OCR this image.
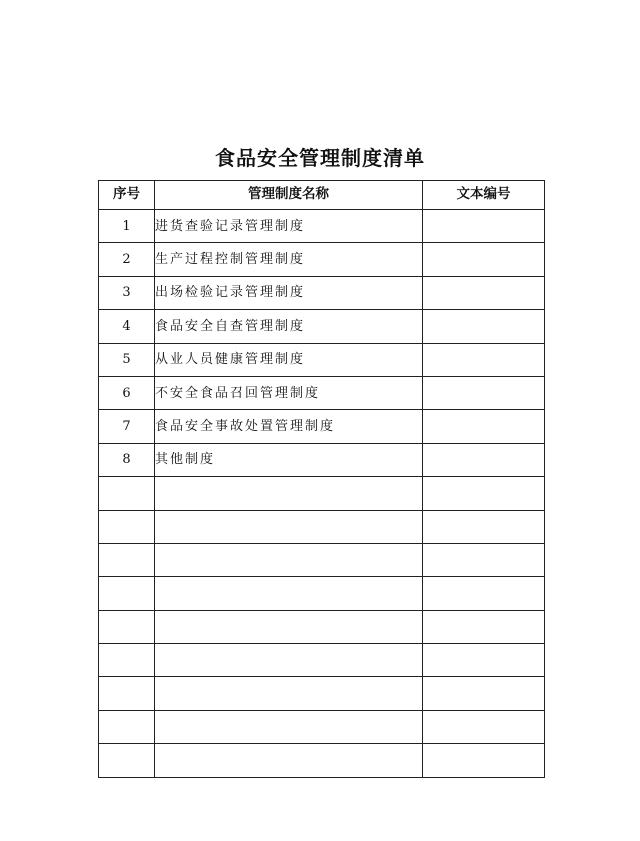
食品安全管理制度清单
序号	管理制度名称	文本编号
1	进货查验记录管理制度	
2	生产过程控制管理制度	
3	出场检验记录管理制度	
4	食品安全自查管理制度	
5	从业人员健康管理制度	
6	不安全食品召回管理制度	
7	食品安全事故处置管理制度	
8	其他制度	
